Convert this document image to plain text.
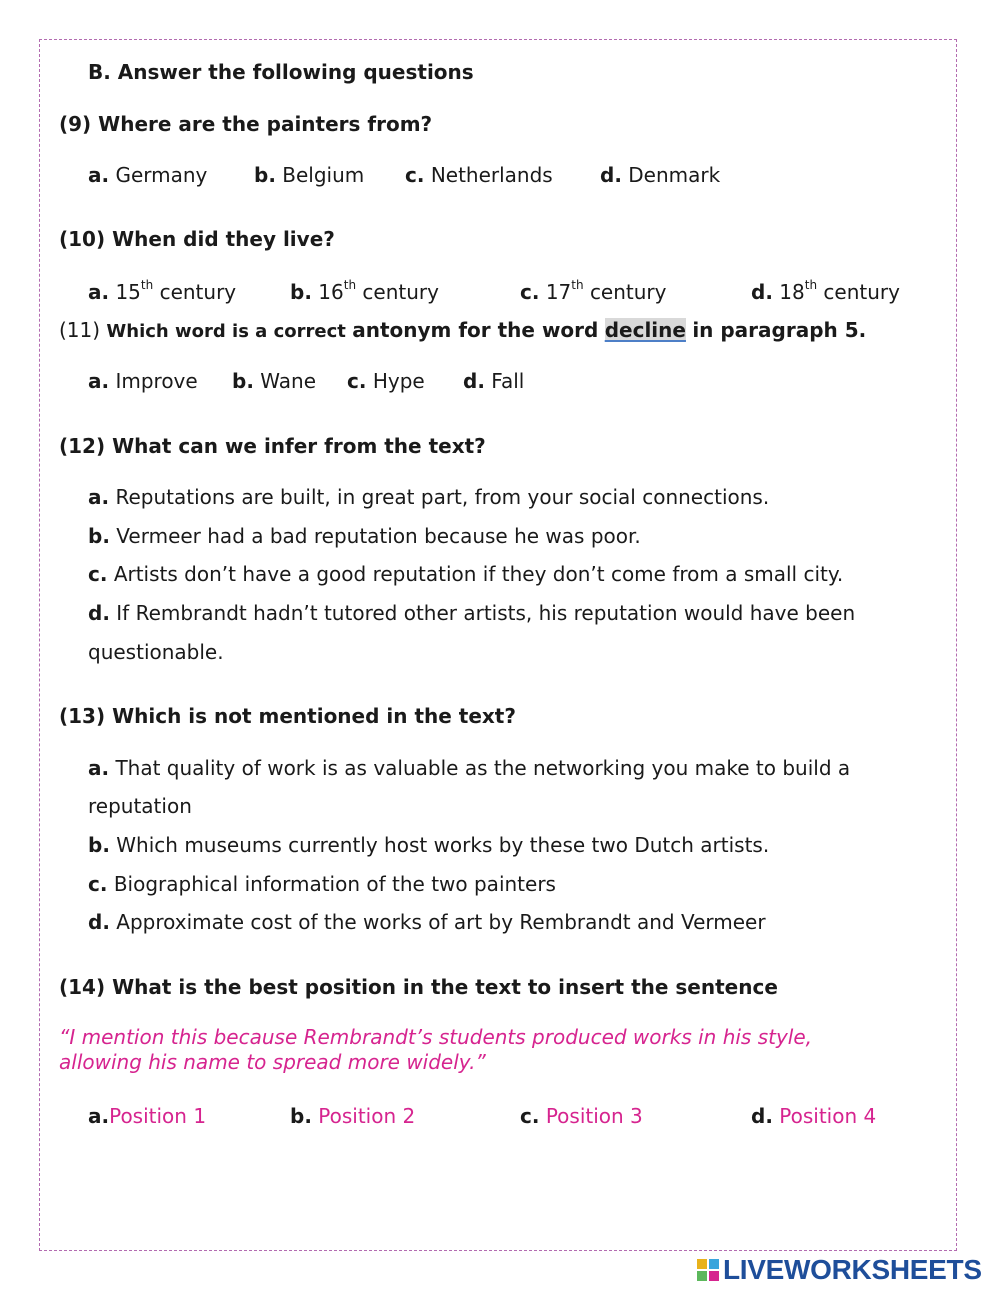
B. Answer the following questions
(9) Where are the painters from?
a. Germany b. Belgium c. Netherlands d. Denmark
(10) When did they live?
a. 15th century	b. 16th century	c. 17th century	d. 18th century
(11) Which word is a correct antonym for the word decline in paragraph 5.
a. Improve b. Wane c. Hype d. Fall
(12) What can we infer from the text?
a. Reputations are built, in great part, from your social connections.
b. Vermeer had a bad reputation because he was poor.
c. Artists don’t have a good reputation if they don’t come from a small city.
d. If Rembrandt hadn’t tutored other artists, his reputation would have been
questionable.
(13) Which is not mentioned in the text?
a. That quality of work is as valuable as the networking you make to build a
reputation
b. Which museums currently host works by these two Dutch artists.
c. Biographical information of the two painters
d. Approximate cost of the works of art by Rembrandt and Vermeer
(14) What is the best position in the text to insert the sentence
“I mention this because Rembrandt’s students produced works in his style,
allowing his name to spread more widely.”
a.Position 1	b. Position 2	c. Position 3	d. Position 4
LIVEWORKSHEETS
